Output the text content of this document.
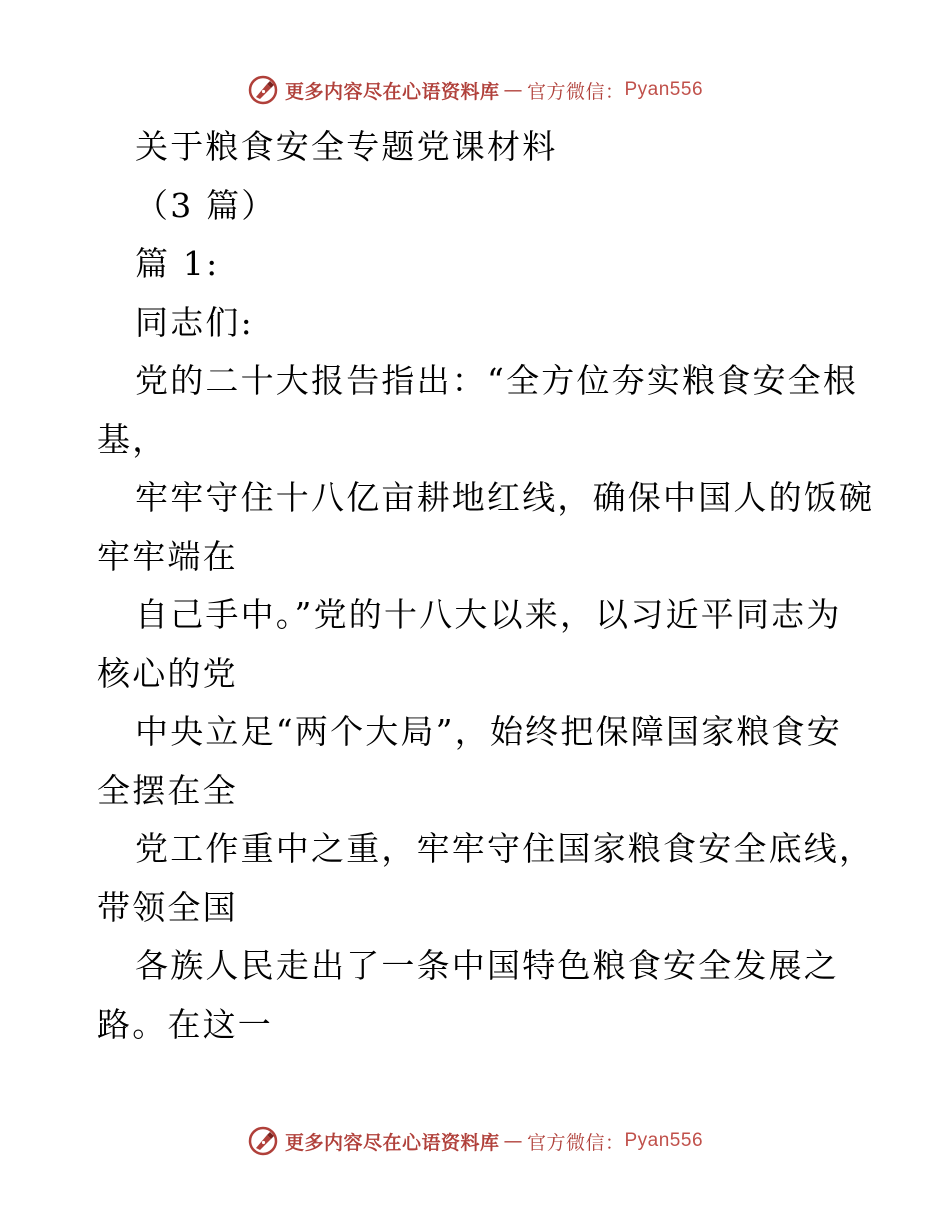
更多内容尽在心语资料库 — 官方微信： Pyan556
关于粮食安全专题党课材料
（3 篇）
篇 1:
同志们:
党的二十大报告指出：“全方位夯实粮食安全根
基，
牢牢守住十八亿亩耕地红线，确保中国人的饭碗
牢牢端在
自己手中。”党的十八大以来，以习近平同志为
核心的党
中央立足“两个大局”，始终把保障国家粮食安
全摆在全
党工作重中之重，牢牢守住国家粮食安全底线，
带领全国
各族人民走出了一条中国特色粮食安全发展之
路。在这一
更多内容尽在心语资料库 — 官方微信： Pyan556
